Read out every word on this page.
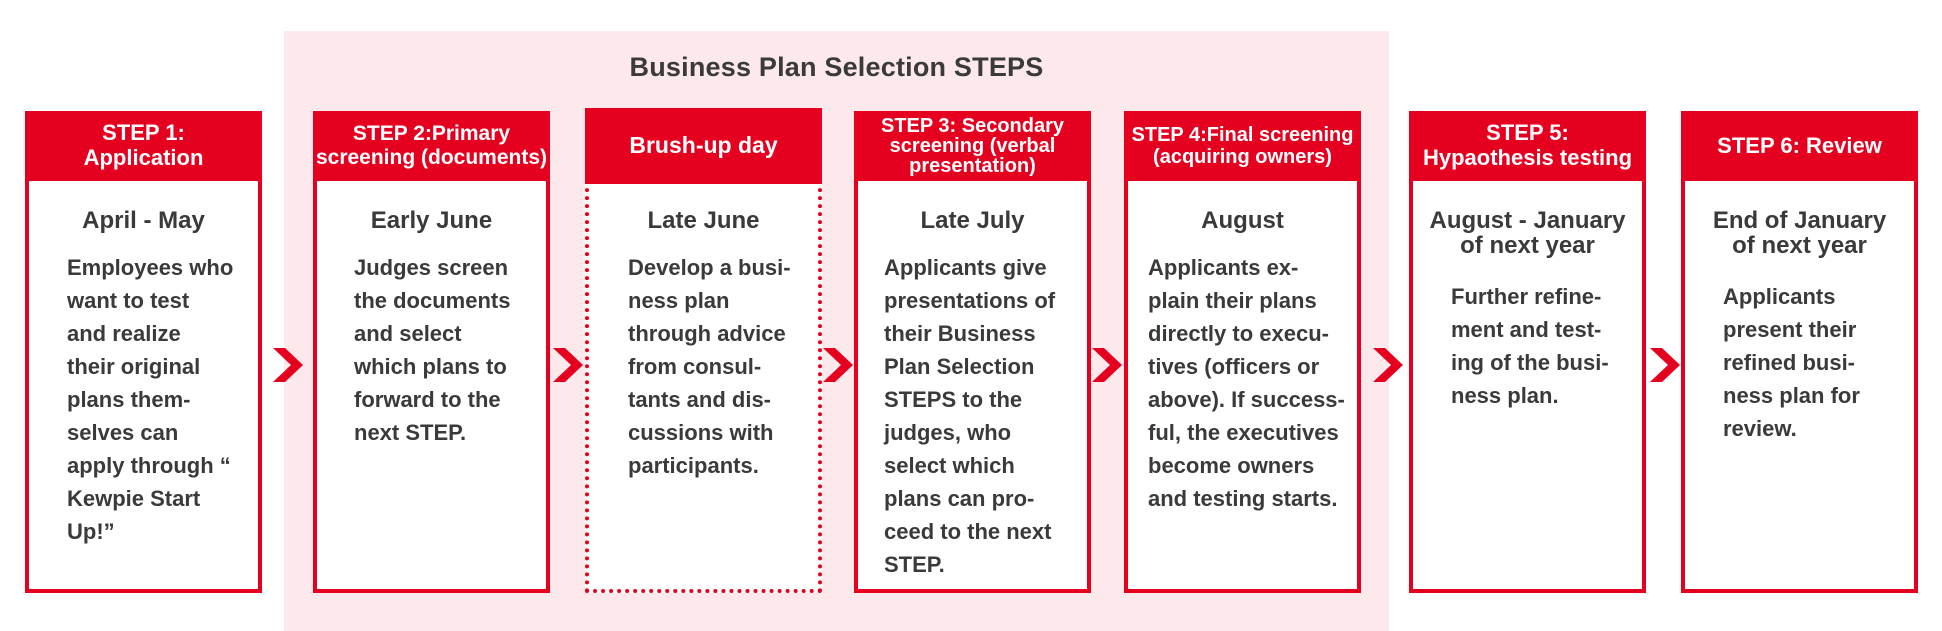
Business Plan Selection STEPS
STEP 1:
Application
April - May
Employees who
want to test
and realize
their original
plans them-
selves can
apply through “
Kewpie Start
Up!”
STEP 2:Primary
screening (documents)
Early June
Judges screen
the documents
and select
which plans to
forward to the
next STEP.
Brush-up day
Late June
Develop a busi-
ness plan
through advice
from consul-
tants and dis-
cussions with
participants.
STEP 3: Secondary
screening (verbal
presentation)
Late July
Applicants give
presentations of
their Business
Plan Selection
STEPS to the
judges, who
select which
plans can pro-
ceed to the next
STEP.
STEP 4:Final screening
(acquiring owners)
August
Applicants ex-
plain their plans
directly to execu-
tives (officers or
above). If success-
ful, the executives
become owners
and testing starts.
STEP 5:
Hypaothesis testing
August - January
of next year
Further refine-
ment and test-
ing of the busi-
ness plan.
STEP 6: Review
End of January
of next year
Applicants
present their
refined busi-
ness plan for
review.
